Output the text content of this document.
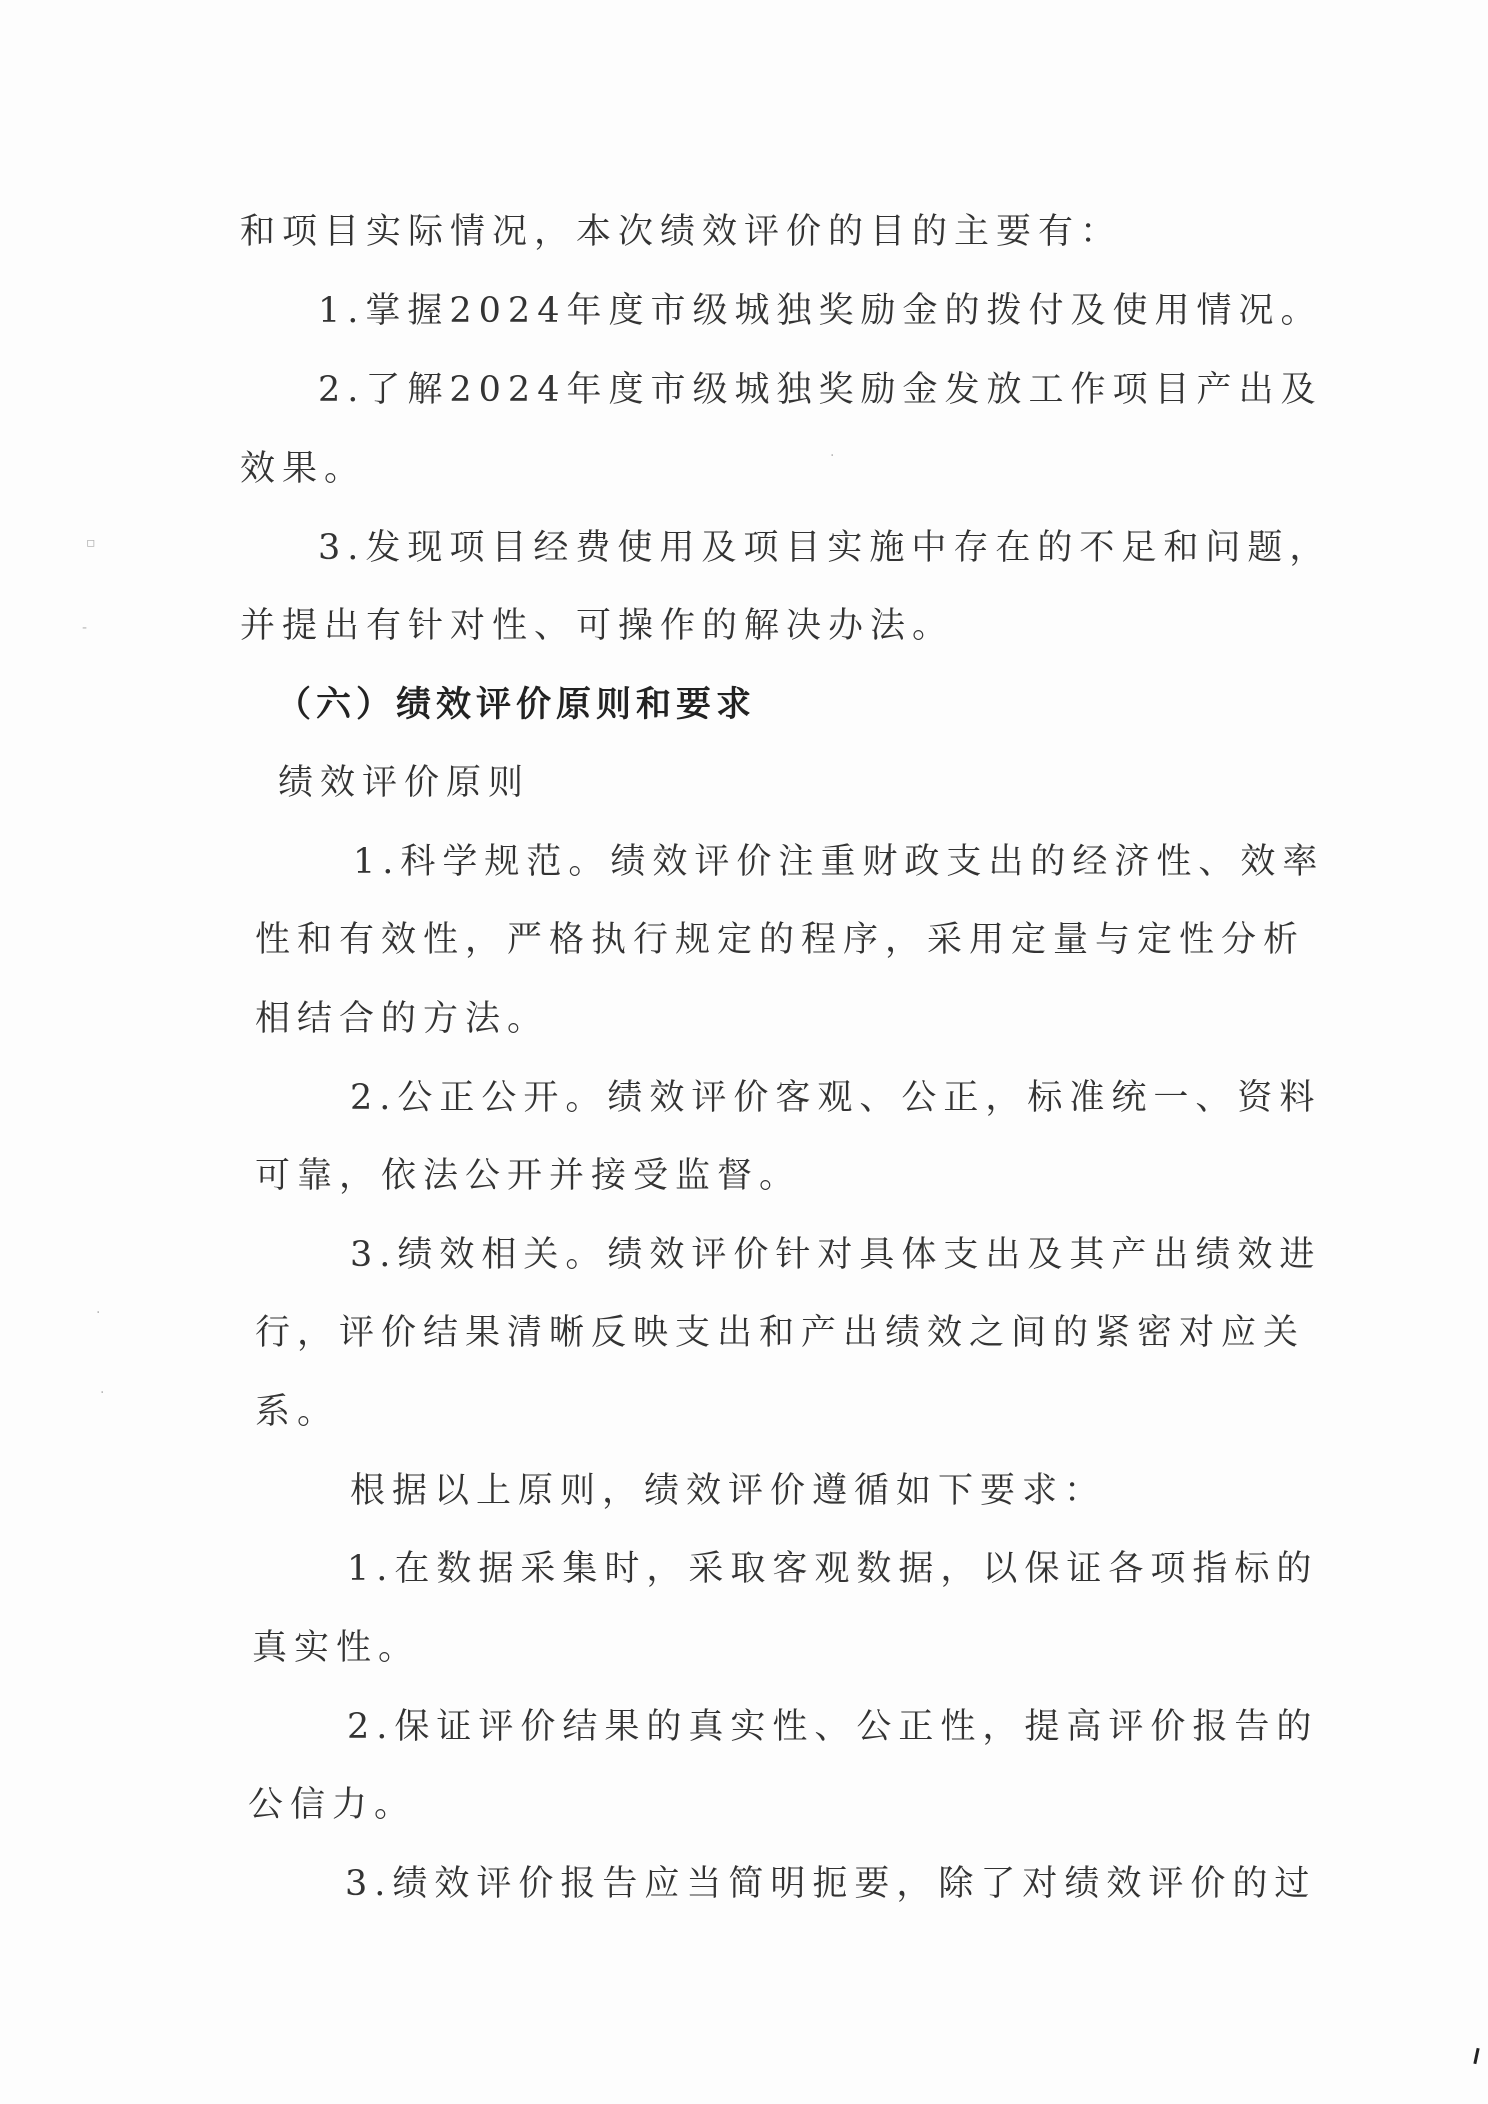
和项目实际情况，本次绩效评价的目的主要有：
1.掌握2024年度市级城独奖励金的拨付及使用情况。
2.了解2024年度市级城独奖励金发放工作项目产出及
效果。
3.发现项目经费使用及项目实施中存在的不足和问题，
并提出有针对性、可操作的解决办法。
（六）绩效评价原则和要求
绩效评价原则
1.科学规范。绩效评价注重财政支出的经济性、效率
性和有效性，严格执行规定的程序，采用定量与定性分析
相结合的方法。
2.公正公开。绩效评价客观、公正，标准统一、资料
可靠，依法公开并接受监督。
3.绩效相关。绩效评价针对具体支出及其产出绩效进
行，评价结果清晰反映支出和产出绩效之间的紧密对应关
系。
根据以上原则，绩效评价遵循如下要求：
1.在数据采集时，采取客观数据，以保证各项指标的
真实性。
2.保证评价结果的真实性、公正性，提高评价报告的
公信力。
3.绩效评价报告应当简明扼要，除了对绩效评价的过
▫
-
·
·
·
